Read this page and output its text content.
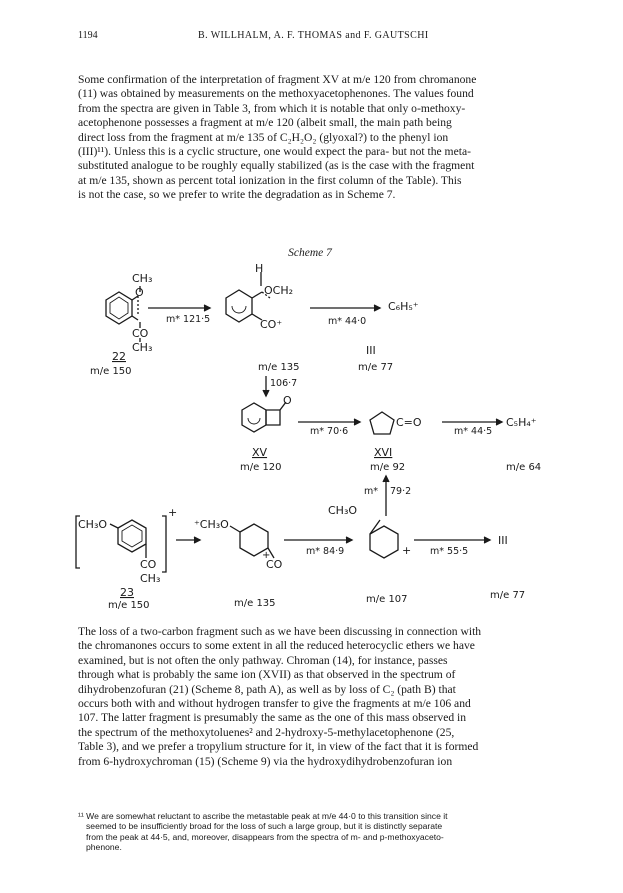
1194	B. WILLHALM, A. F. THOMAS and F. GAUTSCHI
Some confirmation of the interpretation of fragment XV at m/e 120 from chromanone
(11) was obtained by measurements on the methoxyacetophenones. The values found
from the spectra are given in Table 3, from which it is notable that only o-methoxy-
acetophenone possesses a fragment at m/e 120 (albeit small, the main path being
direct loss from the fragment at m/e 135 of C₂H₂O₂ (glyoxal?) to the phenyl ion
(III)¹¹). Unless this is a cyclic structure, one would expect the para- but not the meta-
substituted analogue to be roughly equally stabilized (as is the case with the fragment
at m/e 135, shown as percent total ionization in the first column of the Table). This
is not the case, so we prefer to write the degradation as in Scheme 7.
Scheme 7
CH₃
O
CO
CH₃
22
m/e 150
m* 121·5
H
OCH₂
CO⁺
m/e 135
m* 44·0
C₆H₅⁺
III
m/e 77
106·7
O
XV
m/e 120
m* 70·6
C=O
XVI
m/e 92
m* 44·5
C₅H₄⁺
m/e 64
m* 79·2
CH₃O
CO
CH₃
+
23
m/e 150
⁺CH₃O
CO
+
m/e 135
m* 84·9
CH₃O
+
m/e 107
m* 55·5
III
m/e 77
The loss of a two-carbon fragment such as we have been discussing in connection with
the chromanones occurs to some extent in all the reduced heterocyclic ethers we have
examined, but is not often the only pathway. Chroman (14), for instance, passes
through what is probably the same ion (XVII) as that observed in the spectrum of
dihydrobenzofuran (21) (Scheme 8, path A), as well as by loss of C₂ (path B) that
occurs both with and without hydrogen transfer to give the fragments at m/e 106 and
107. The latter fragment is presumably the same as the one of this mass observed in
the spectrum of the methoxytoluenes² and 2-hydroxy-5-methylacetophenone (25,
Table 3), and we prefer a tropylium structure for it, in view of the fact that it is formed
from 6-hydroxychroman (15) (Scheme 9) via the hydroxydihydrobenzofuran ion
¹¹ We are somewhat reluctant to ascribe the metastable peak at m/e 44·0 to this transition since it
seemed to be insufficiently broad for the loss of such a large group, but it is distinctly separate
from the peak at 44·5, and, moreover, disappears from the spectra of m- and p-methoxyaceto-
phenone.
